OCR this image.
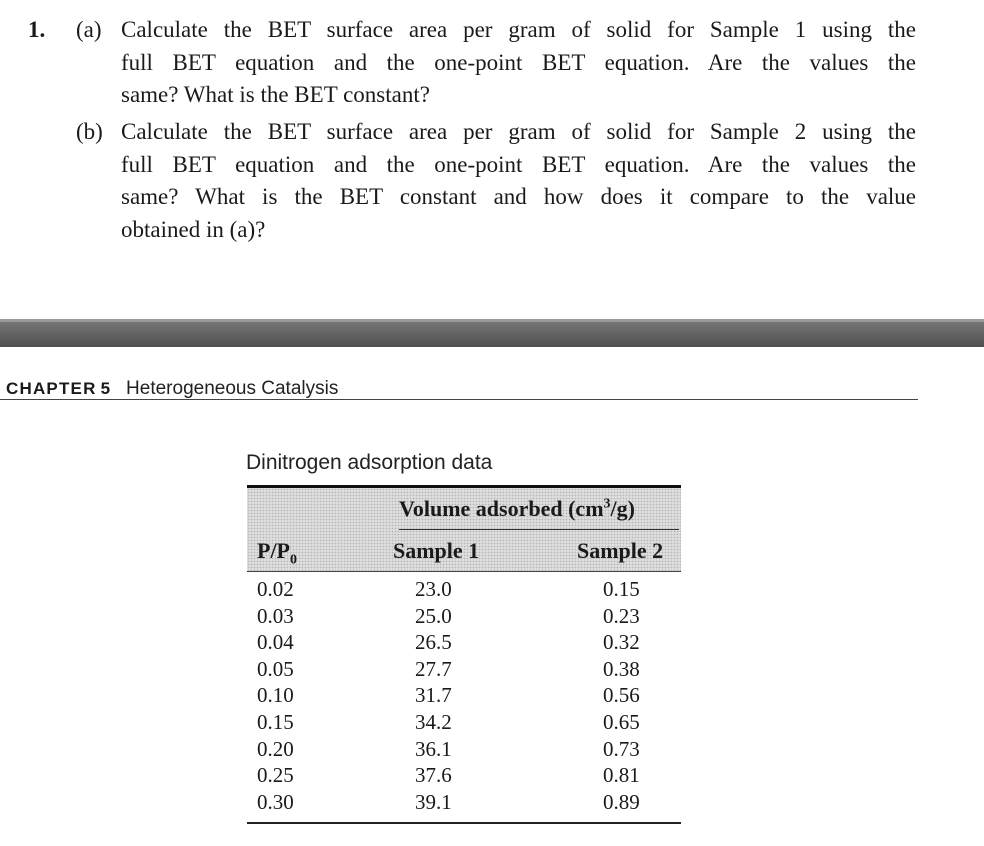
1. (a) Calculate the BET surface area per gram of solid for Sample 1 using the
full BET equation and the one-point BET equation. Are the values the
same? What is the BET constant?
(b) Calculate the BET surface area per gram of solid for Sample 2 using the
full BET equation and the one-point BET equation. Are the values the
same? What is the BET constant and how does it compare to the value
obtained in (a)?
CHAPTER 5 Heterogeneous Catalysis
Dinitrogen adsorption data
Volume adsorbed $(cm^3/g)$
$P/P_0$	Sample 1	Sample 2
0.02	23.0	0.15
0.03	25.0	0.23
0.04	26.5	0.32
0.05	27.7	0.38
0.10	31.7	0.56
0.15	34.2	0.65
0.20	36.1	0.73
0.25	37.6	0.81
0.30	39.1	0.89
